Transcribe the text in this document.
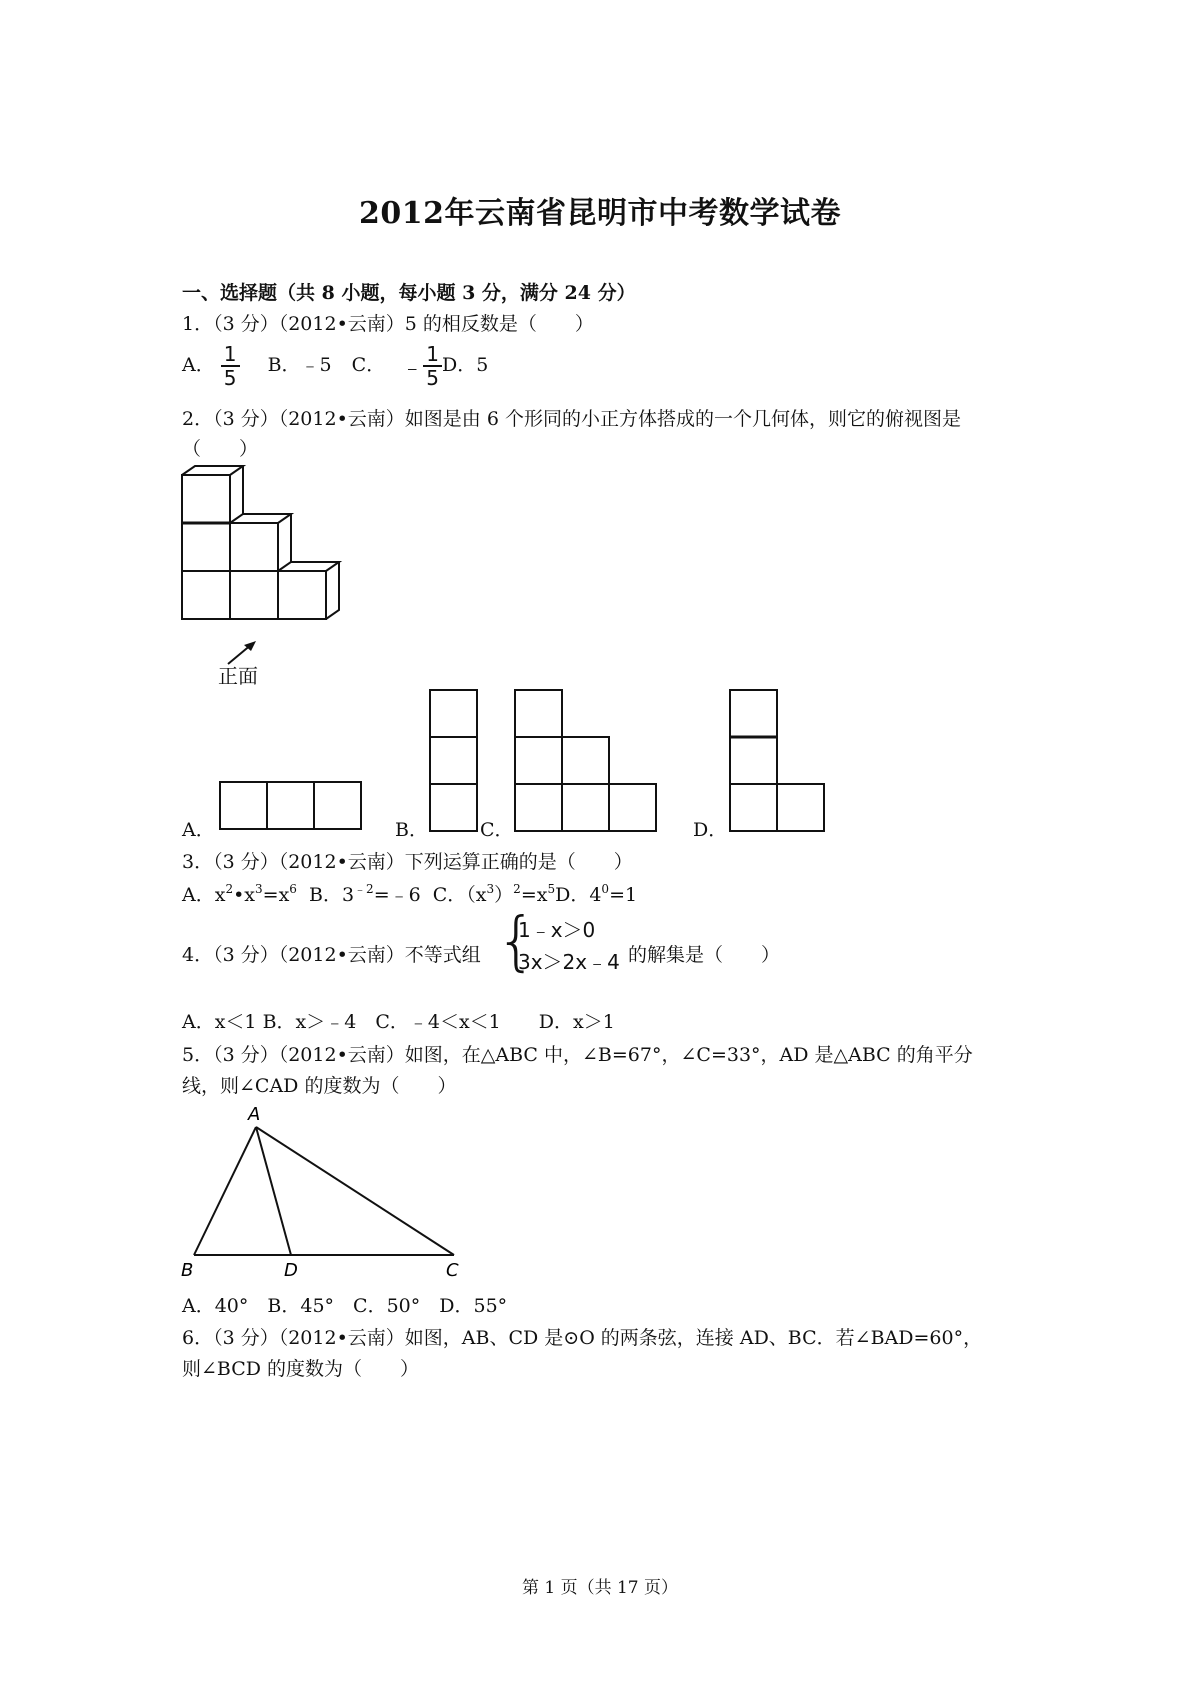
2012年云南省昆明市中考数学试卷
一、选择题（共 8 小题，每小题 3 分，满分 24 分）
1．（3 分）（2012•云南）5 的相反数是（　　）
A． $\frac{1}{5}$ B．﹣5 C． ﹣ $\frac{1}{5}$ D．5
2．（3 分）（2012•云南）如图是由 6 个形同的小正方体搭成的一个几何体，则它的俯视图是
（　　）
正面
A．	B．	C．	D．
3．（3 分）（2012•云南）下列运算正确的是（　　）
A．$x^2•x^3=x^6$ B．$3^{﹣2}=﹣6$ C．$(x^3)^2=x^5D$．$4^0=1$
4．（3 分）（2012•云南）不等式组 {
1﹣x＞0
3x＞2x﹣4 的解集是（　　）
A．x＜1 B．x＞﹣4　C．﹣4＜x＜1　　D．x＞1
5．（3 分）（2012•云南）如图，在△ABC 中，∠B=67°，∠C=33°，AD 是△ABC 的角平分
线，则∠CAD 的度数为（　　）
A
B	D	C
A．40°　B．45°　C．50°　D．55°
6．（3 分）（2012•云南）如图，AB、CD 是⊙O 的两条弦，连接 AD、BC．若∠BAD=60°，
则∠BCD 的度数为（　　）
第 1 页（共 17 页）
